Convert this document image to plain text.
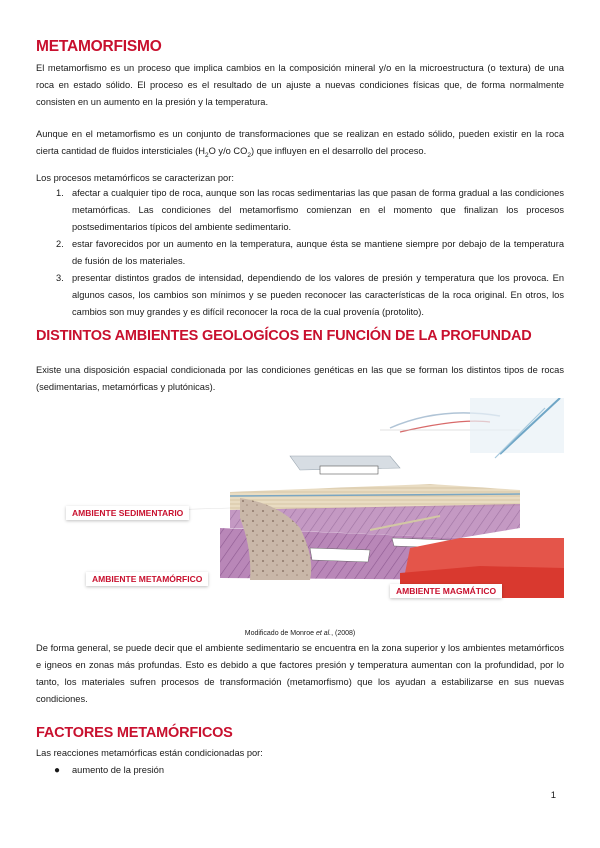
METAMORFISMO

El metamorfismo es un proceso que implica cambios en la composición mineral y/o en la microestructura (o textura) de una roca en estado sólido. El proceso es el resultado de un ajuste a nuevas condiciones físicas que, de forma normalmente consisten en un aumento en la presión y la temperatura.

Aunque en el metamorfismo es un conjunto de transformaciones que se realizan en estado sólido, pueden existir en la roca cierta cantidad de fluidos intersticiales ($H_2O$ y/o $CO_2$) que influyen en el desarrollo del proceso.

Los procesos metamórficos se caracterizan por:

1. afectar a cualquier tipo de roca, aunque son las rocas sedimentarias las que pasan de forma gradual a las condiciones metamórficas. Las condiciones del metamorfismo comienzan en el momento que finalizan los procesos postsedimentarios típicos del ambiente sedimentario.
2. estar favorecidos por un aumento en la temperatura, aunque ésta se mantiene siempre por debajo de la temperatura de fusión de los materiales.
3. presentar distintos grados de intensidad, dependiendo de los valores de presión y temperatura que los provoca. En algunos casos, los cambios son mínimos y se pueden reconocer las características de la roca original. En otros, los cambios son muy grandes y es difícil reconocer la roca de la cual provenía (protolito).
DISTINTOS AMBIENTES GEOLOGÍCOS EN FUNCIÓN DE LA PROFUNDAD

Existe una disposición espacial condicionada por las condiciones genéticas en las que se forman los distintos tipos de rocas (sedimentarias, metamórficas y plutónicas).

AMBIENTE SEDIMENTARIO
AMBIENTE METAMÓRFICO
AMBIENTE MAGMÁTICO
Modificado de Monroe et al., (2008)

De forma general, se puede decir que el ambiente sedimentario se encuentra en la zona superior y los ambientes metamórficos e igneos en zonas más profundas. Esto es debido a que factores presión y temperatura aumentan con la profundidad, por lo tanto, los materiales sufren procesos de transformación (metamorfismo) que los ayudan a estabilizarse en sus nuevas condiciones.

FACTORES METAMÓRFICOS

Las reacciones metamórficas están condicionadas por:

● aumento de la presión
1
